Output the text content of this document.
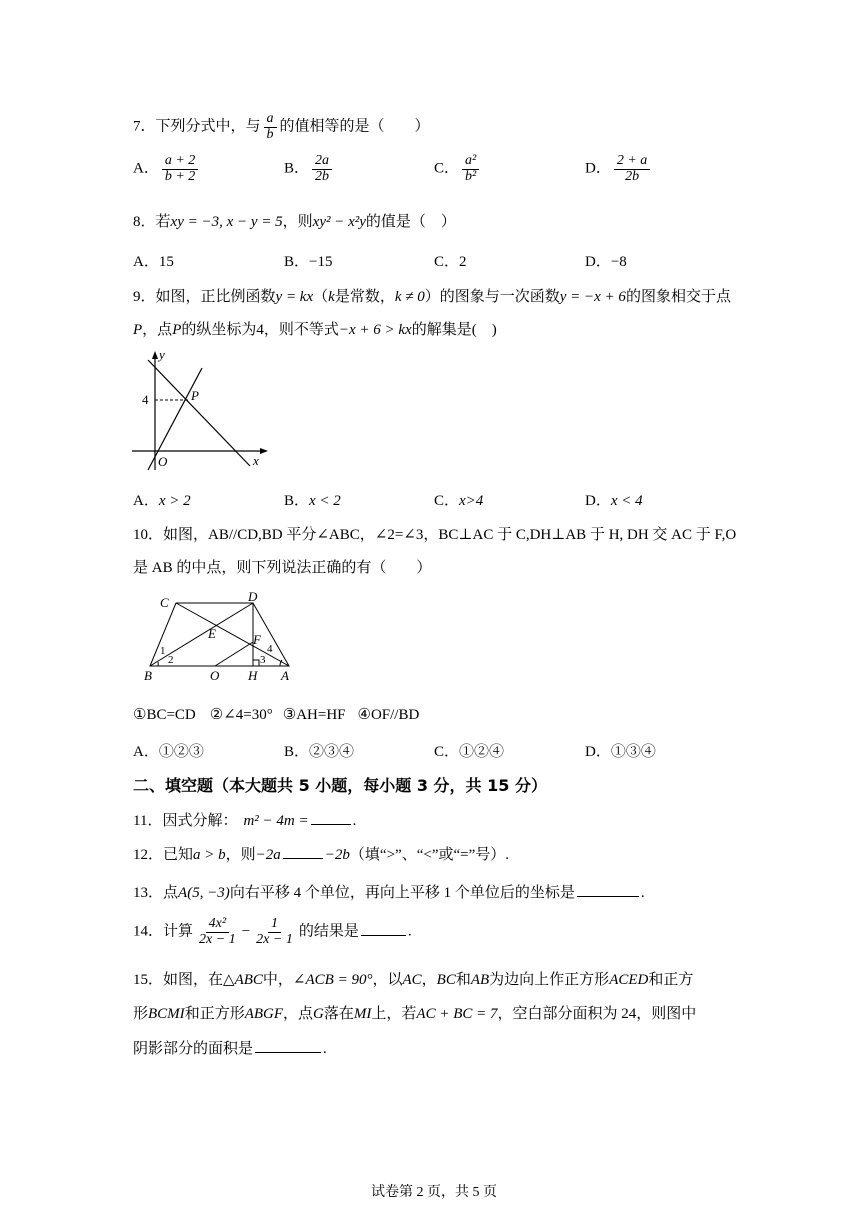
7．下列分式中，与 $\frac{a}{b}$ 的值相等的是（　　）
A． $\frac{a + 2}{b + 2}$	B． $\frac{2a}{2b}$	C． $\frac{\text{a²}}{\text{b²}}$	D． $\frac{2 + a}{2b}$
8．若xy = −3, x − y = 5，则xy² − x²y的值是（　）
A．15	B．−15	C．2	D．−8
9．如图，正比例函数y = kx（k是常数，k ≠ 0）的图象与一次函数y = −x + 6的图象相交于点
P，点P的纵坐标为4，则不等式−x + 6 > kx的解集是(　)
y
x
O
P
4
A．x > 2	B．x < 2	C．x>4	D．x < 4
10．如图，AB//CD,BD 平分∠ABC，∠2=∠3，BC⊥AC 于 C,DH⊥AB 于 H, DH 交 AC 于 F,O
是 AB 的中点，则下列说法正确的有（　　）
C	D
E	F
B	O H A
1
2	3
4
①BC=CD ②∠4=30° ③AH=HF ④OF//BD
A．①②③	B．②③④	C．①②④	D．①③④
二、填空题（本大题共 5 小题，每小题 3 分，共 15 分）
11．因式分解： m² − 4m =	.
12．已知a > b，则−2a	−2b（填“>”、“<”或“=”号）.
13．点A(5, −3)向右平移 4 个单位，再向上平移 1 个单位后的坐标是	.
14．计算 $\frac{\text{4x²}}{2x - 1} - \frac{1}{2x - 1}$ 的结果是	.
15．如图，在△ABC中，∠ACB = 90°，以AC，BC和AB为边向上作正方形ACED和正方
形BCMI和正方形ABGF，点G落在MI上，若AC + BC = 7，空白部分面积为 24，则图中
阴影部分的面积是	.
试卷第 2 页，共 5 页
